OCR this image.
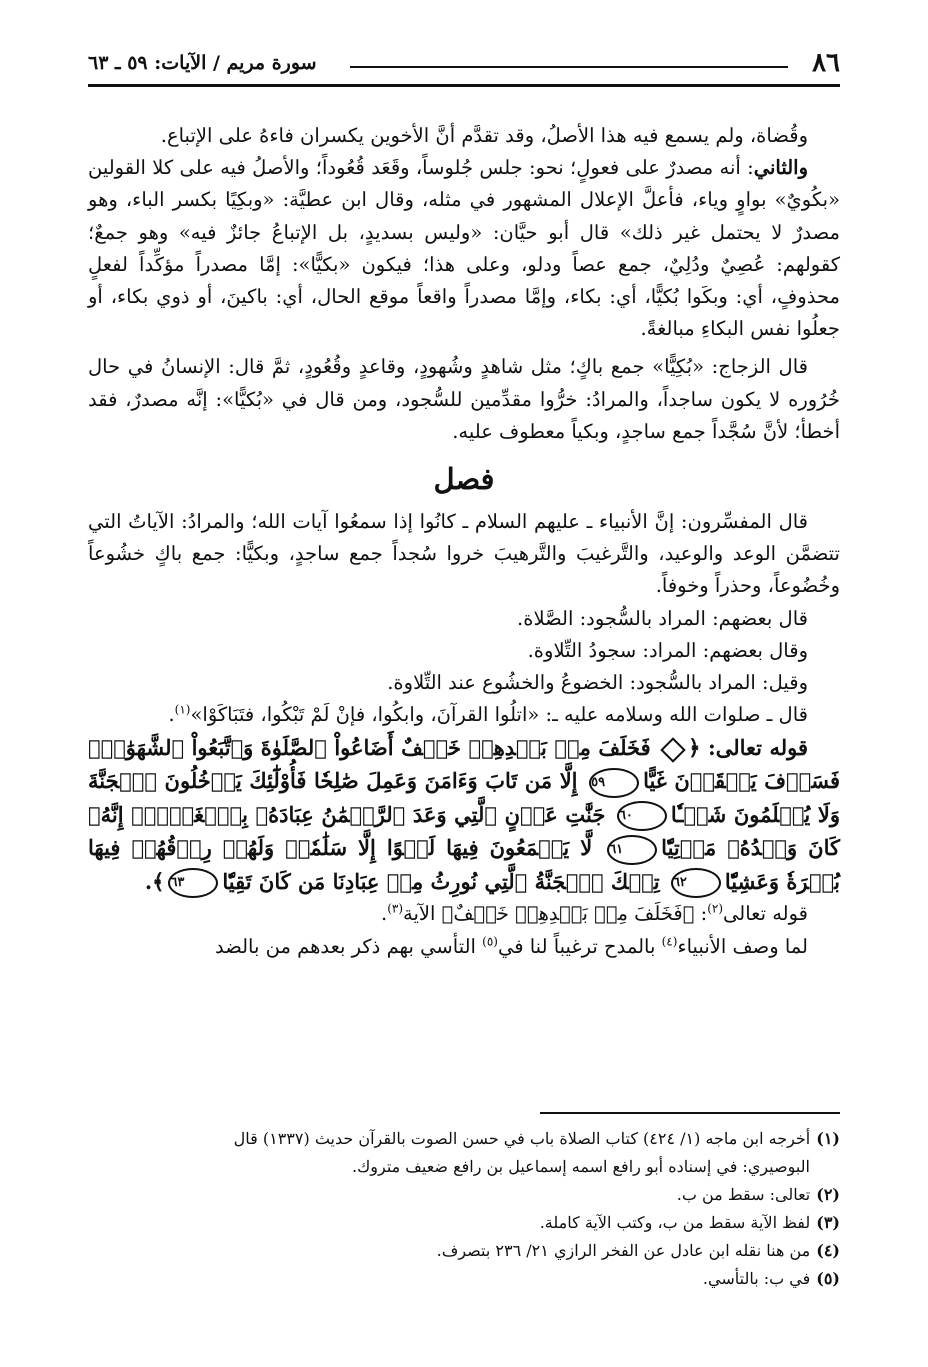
٨٦
سورة مريم / الآيات: ٥٩ ـ ٦٣

وقُضاة، ولم يسمع فيه هذا الأصلُ، وقد تقدَّم أنَّ الأخوين يكسران فاءهُ على الإتباع.

والثاني: أنه مصدرٌ على فعولٍ؛ نحو: جلس جُلوساً، وقَعَد قُعُوداً؛ والأصلُ فيه على كلا القولين «بكُويٌ» بواوٍ وياء، فأعلَّ الإعلال المشهور في مثله، وقال ابن عطيَّة: «وبكِيًا بكسر الباء، وهو مصدرٌ لا يحتمل غير ذلك» قال أبو حيَّان: «وليس بسديدٍ، بل الإتباعُ جائزٌ فيه» وهو جمعٌ؛ كقولهم: عُصِيٌ ودُلِيٌ، جمع عصاً ودلو، وعلى هذا؛ فيكون «بكيًّا»: إمَّا مصدراً مؤكِّداً لفعلٍ محذوفٍ، أي: وبكَوا بُكيًّا، أي: بكاء، وإمَّا مصدراً واقعاً موقع الحال، أي: باكينَ، أو ذوي بكاء، أو جعلُوا نفس البكاءِ مبالغةً.

قال الزجاج: «بُكِيًّا» جمع باكٍ؛ مثل شاهدٍ وشُهودٍ، وقاعدٍ وقُعُودٍ، ثمَّ قال: الإنسانُ في حال خُرُوره لا يكون ساجداً، والمرادُ: خرُّوا مقدِّمين للسُّجود، ومن قال في «بُكيًّا»: إنَّه مصدرٌ، فقد أخطأ؛ لأنَّ سُجَّداً جمع ساجدٍ، وبكياً معطوف عليه.

فصل

قال المفسِّرون: إنَّ الأنبياء ـ عليهم السلام ـ كانُوا إذا سمعُوا آيات الله؛ والمرادُ: الآياتُ التي تتضمَّن الوعد والوعيد، والتَّرغيبَ والتَّرهيبَ خروا سُجداً جمع ساجدٍ، وبكيًّا: جمع باكٍ خشُوعاً وخُضُوعاً، وحذراً وخوفاً.

قال بعضهم: المراد بالسُّجود: الصَّلاة.

وقال بعضهم: المراد: سجودُ التِّلاوة.

وقيل: المراد بالسُّجود: الخضوعُ والخشُوع عند التِّلاوة.

قال ـ صلوات الله وسلامه عليه ـ: «اتلُوا القرآنَ، وابكُوا، فإنْ لَمْ تَبْكُوا، فتَبَاكَوْا»$^{(١)}$.

قوله تعالى: ﴿ فَخَلَفَ مِنۢ بَعۡدِهِمۡ خَلۡفٌ أَضَاعُواْ ٱلصَّلَوٰةَ وَٱتَّبَعُواْ ٱلشَّهَوَٰتِۖ فَسَوۡفَ يَلۡقَوۡنَ غَيًّا٥٩ إِلَّا مَن تَابَ وَءَامَنَ وَعَمِلَ صَٰلِحٗا فَأُوْلَٰٓئِكَ يَدۡخُلُونَ ٱلۡجَنَّةَ وَلَا يُظۡلَمُونَ شَيۡـٔٗا٦٠ جَنَّٰتِ عَدۡنٍ ٱلَّتِي وَعَدَ ٱلرَّحۡمَٰنُ عِبَادَهُۥ بِٱلۡغَيۡبِۚ إِنَّهُۥ كَانَ وَعۡدُهُۥ مَأۡتِيّٗا٦١ لَّا يَسۡمَعُونَ فِيهَا لَغۡوًا إِلَّا سَلَٰمٗاۖ وَلَهُمۡ رِزۡقُهُمۡ فِيهَا بُكۡرَةٗ وَعَشِيّٗا٦٢ تِلۡكَ ٱلۡجَنَّةُ ٱلَّتِي نُورِثُ مِنۡ عِبَادِنَا مَن كَانَ تَقِيّٗا٦٣﴾.

قوله تعالى$^{(٢)}$: ﴿فَخَلَفَ مِنۢ بَعۡدِهِمۡ خَلۡفٌ﴾ الآية$^{(٣)}$.

لما وصف الأنبياء$^{(٤)}$ بالمدح ترغيباً لنا في$^{(٥)}$ التأسي بهم ذكر بعدهم من بالضد

(١)أخرجه ابن ماجه (١/ ٤٢٤) كتاب الصلاة باب في حسن الصوت بالقرآن حديث (١٣٣٧) قال

البوصيري: في إسناده أبو رافع اسمه إسماعيل بن رافع ضعيف متروك.

(٢)تعالى: سقط من ب.

(٣)لفظ الآية سقط من ب، وكتب الآية كاملة.

(٤)من هنا نقله ابن عادل عن الفخر الرازي ٢١/ ٢٣٦ بتصرف.

(٥)في ب: بالتأسي.
